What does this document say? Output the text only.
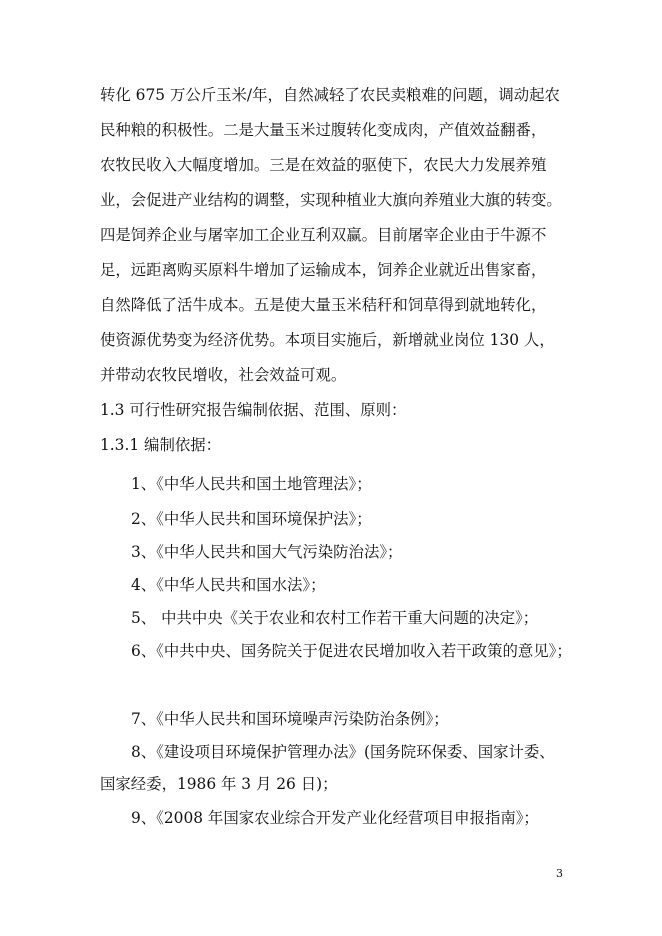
转化 675 万公斤玉米/年，自然减轻了农民卖粮难的问题，调动起农
民种粮的积极性。二是大量玉米过腹转化变成肉，产值效益翻番，
农牧民收入大幅度增加。三是在效益的驱使下，农民大力发展养殖
业，会促进产业结构的调整，实现种植业大旗向养殖业大旗的转变。
四是饲养企业与屠宰加工企业互利双赢。目前屠宰企业由于牛源不
足，远距离购买原料牛增加了运输成本，饲养企业就近出售家畜，
自然降低了活牛成本。五是使大量玉米秸秆和饲草得到就地转化，
使资源优势变为经济优势。本项目实施后，新增就业岗位 130 人，
并带动农牧民增收，社会效益可观。
1.3 可行性研究报告编制依据、范围、原则：
1.3.1 编制依据：
1、《中华人民共和国土地管理法》；
2、《中华人民共和国环境保护法》；
3、《中华人民共和国大气污染防治法》；
4、《中华人民共和国水法》；
5、 中共中央《关于农业和农村工作若干重大问题的决定》；
6、《中共中央、国务院关于促进农民增加收入若干政策的意见》；
7、《中华人民共和国环境噪声污染防治条例》；
8、《建设项目环境保护管理办法》(国务院环保委、国家计委、
国家经委，1986 年 3 月 26 日)；
9、《2008 年国家农业综合开发产业化经营项目申报指南》；
3
